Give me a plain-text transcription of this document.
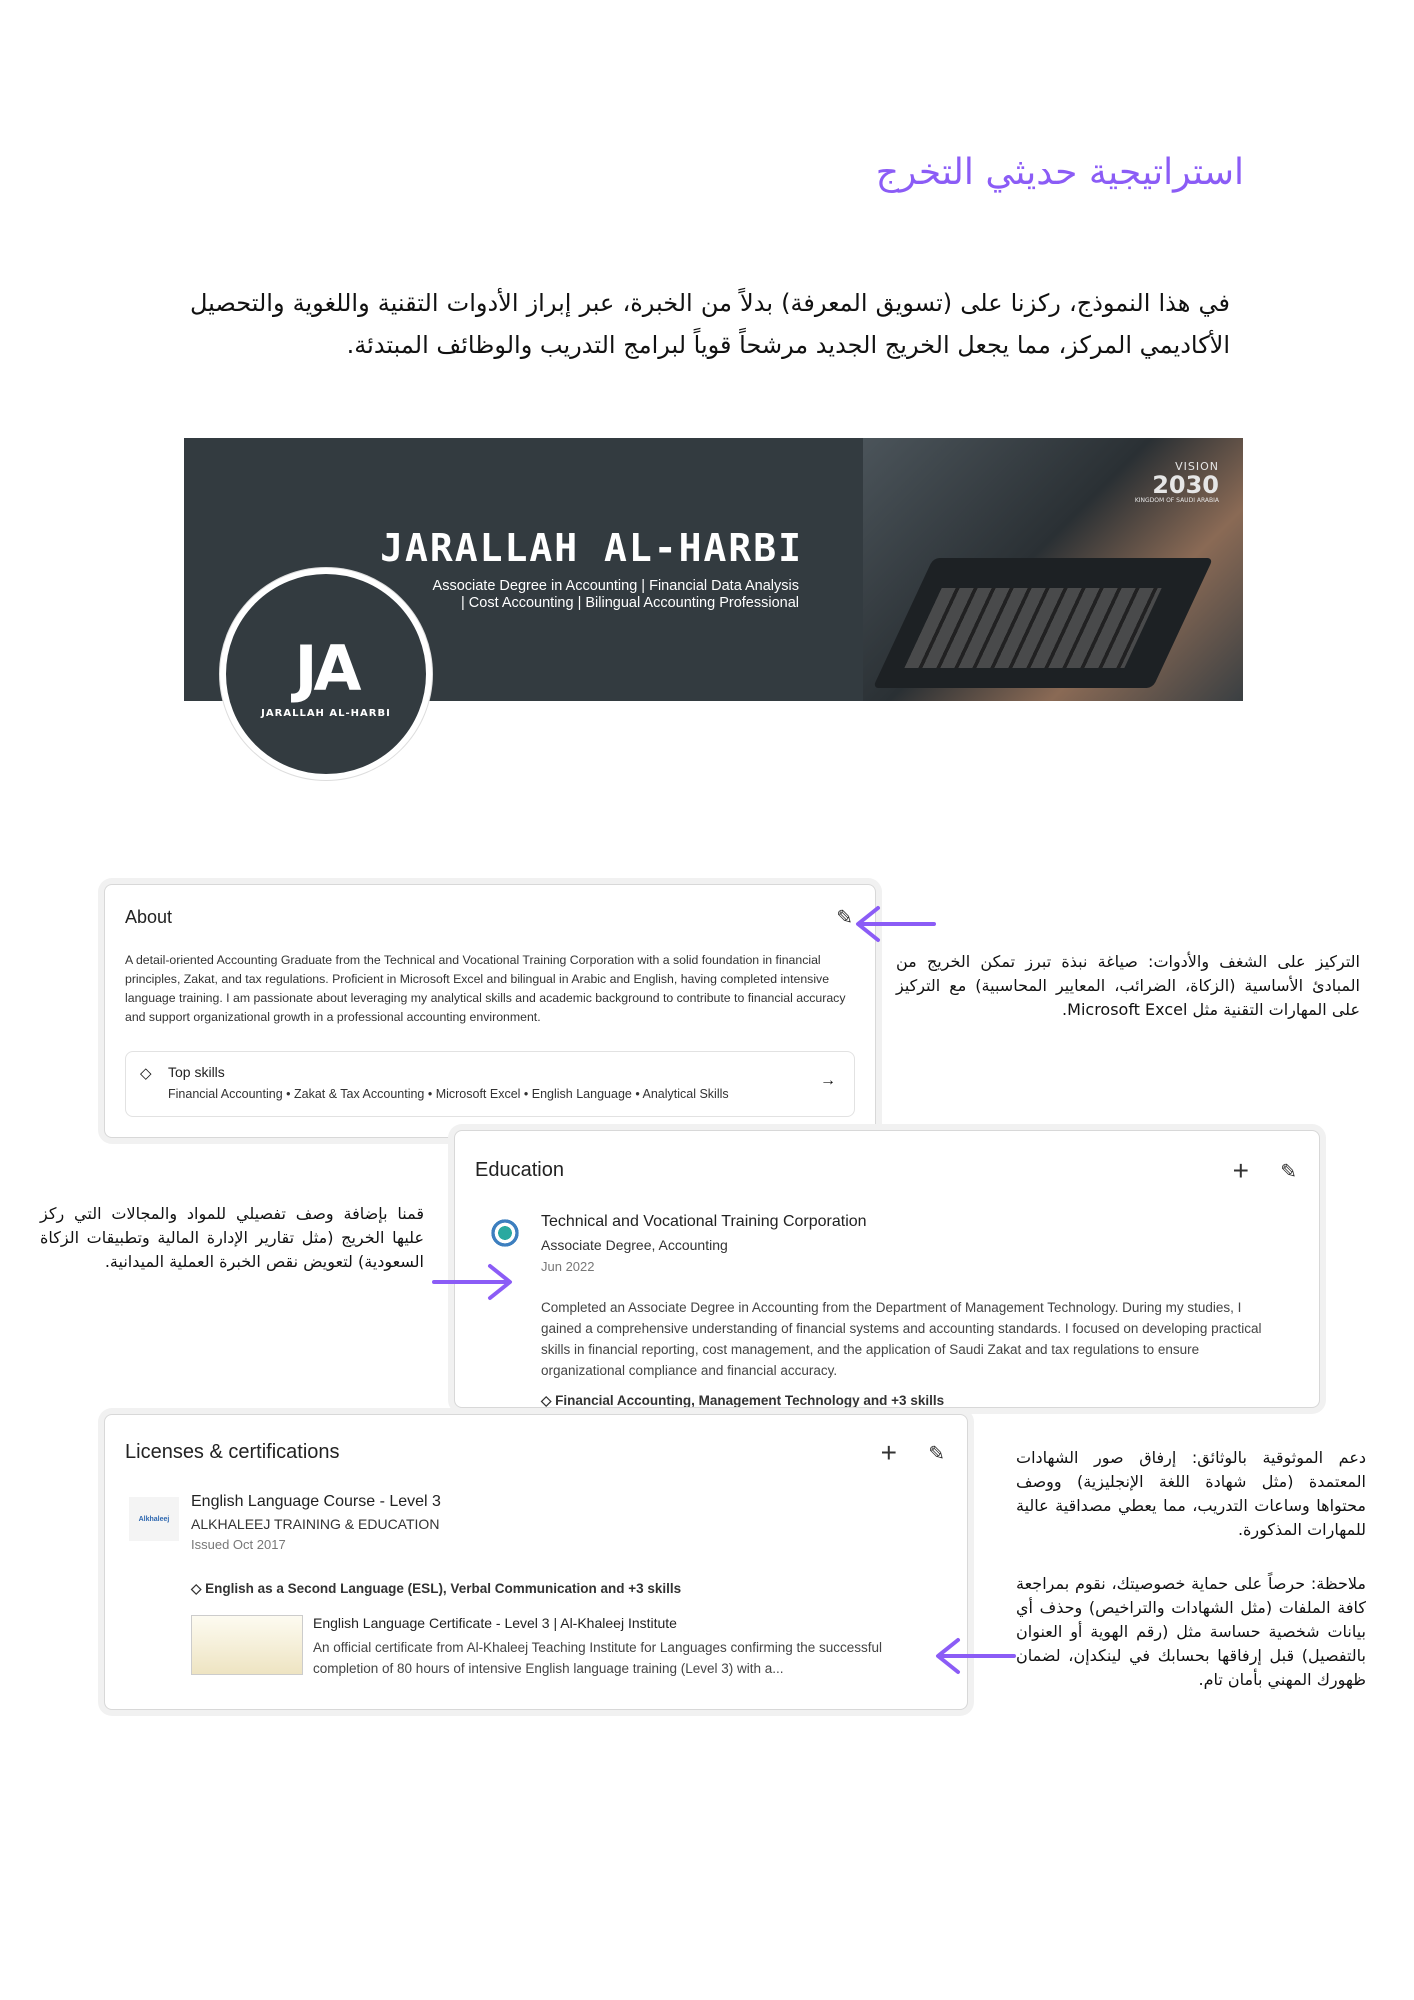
استراتيجية حديثي التخرج

في هذا النموذج، ركزنا على (تسويق المعرفة) بدلاً من الخبرة، عبر إبراز الأدوات التقنية واللغوية والتحصيل الأكاديمي المركز، مما يجعل الخريج الجديد مرشحاً قوياً لبرامج التدريب والوظائف المبتدئة.

VISION
2030
KINGDOM OF SAUDI ARABIA
JARALLAH AL-HARBI
Associate Degree in Accounting | Financial Data Analysis
| Cost Accounting | Bilingual Accounting Professional
JA
JARALLAH AL-HARBI
About	✎
A detail-oriented Accounting Graduate from the Technical and Vocational Training Corporation with a solid foundation in financial principles, Zakat, and tax regulations. Proficient in Microsoft Excel and bilingual in Arabic and English, having completed intensive language training. I am passionate about leveraging my analytical skills and academic background to contribute to financial accuracy and support organizational growth in a professional accounting environment.
◇ Top skills
Financial Accounting • Zakat & Tax Accounting • Microsoft Excel • English Language • Analytical Skills
→
Education	+ ✎
Technical and Vocational Training Corporation
Associate Degree, Accounting
Jun 2022
Completed an Associate Degree in Accounting from the Department of Management Technology. During my studies, I gained a comprehensive understanding of financial systems and accounting standards. I focused on developing practical skills in financial reporting, cost management, and the application of Saudi Zakat and tax regulations to ensure organizational compliance and financial accuracy.
◇ Financial Accounting, Management Technology and +3 skills
Licenses & certifications	+ ✎
Alkhaleej
English Language Course - Level 3
ALKHALEEJ TRAINING & EDUCATION
Issued Oct 2017
◇ English as a Second Language (ESL), Verbal Communication and +3 skills
English Language Certificate - Level 3 | Al-Khaleej Institute
An official certificate from Al-Khaleej Teaching Institute for Languages confirming the successful completion of 80 hours of intensive English language training (Level 3) with a...

التركيز على الشغف والأدوات: صياغة نبذة تبرز تمكن الخريج من المبادئ الأساسية (الزكاة، الضرائب، المعايير المحاسبية) مع التركيز على المهارات التقنية مثل Microsoft Excel.

قمنا بإضافة وصف تفصيلي للمواد والمجالات التي ركز عليها الخريج (مثل تقارير الإدارة المالية وتطبيقات الزكاة السعودية) لتعويض نقص الخبرة العملية الميدانية.

دعم الموثوقية بالوثائق: إرفاق صور الشهادات المعتمدة (مثل شهادة اللغة الإنجليزية) ووصف محتواها وساعات التدريب، مما يعطي مصداقية عالية للمهارات المذكورة.

ملاحظة: حرصاً على حماية خصوصيتك، نقوم بمراجعة كافة الملفات (مثل الشهادات والتراخيص) وحذف أي بيانات شخصية حساسة مثل (رقم الهوية أو العنوان بالتفصيل) قبل إرفاقها بحسابك في لينكدإن، لضمان ظهورك المهني بأمان تام.
